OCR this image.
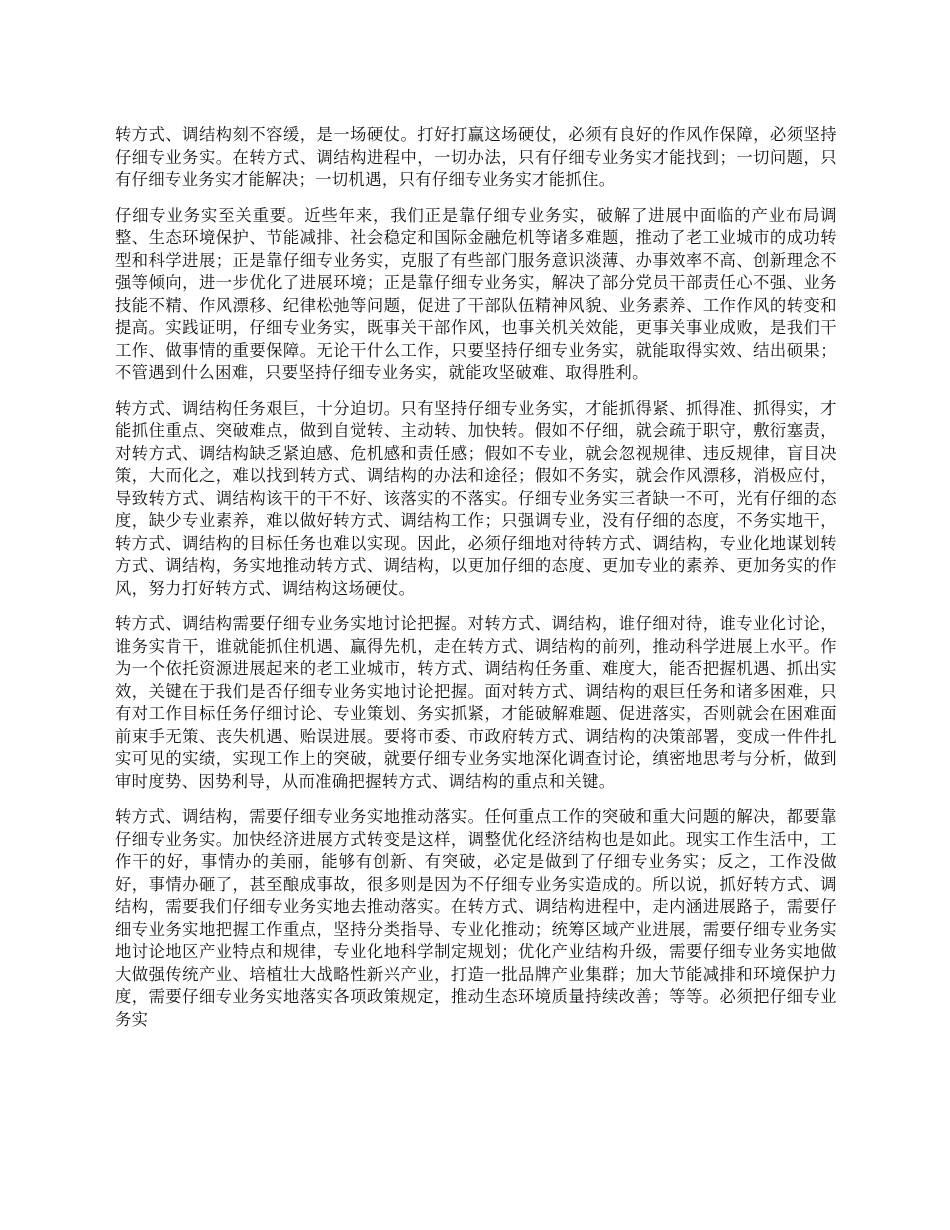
转方式、调结构刻不容缓，是一场硬仗。打好打赢这场硬仗，必须有良好的作风作保障，必须坚持仔细专业务实。在转方式、调结构进程中，一切办法，只有仔细专业务实才能找到；一切问题，只有仔细专业务实才能解决；一切机遇，只有仔细专业务实才能抓住。

仔细专业务实至关重要。近些年来，我们正是靠仔细专业务实，破解了进展中面临的产业布局调整、生态环境保护、节能减排、社会稳定和国际金融危机等诸多难题，推动了老工业城市的成功转型和科学进展；正是靠仔细专业务实，克服了有些部门服务意识淡薄、办事效率不高、创新理念不强等倾向，进一步优化了进展环境；正是靠仔细专业务实，解决了部分党员干部责任心不强、业务技能不精、作风漂移、纪律松弛等问题，促进了干部队伍精神风貌、业务素养、工作作风的转变和提高。实践证明，仔细专业务实，既事关干部作风，也事关机关效能，更事关事业成败，是我们干工作、做事情的重要保障。无论干什么工作，只要坚持仔细专业务实，就能取得实效、结出硕果；不管遇到什么困难，只要坚持仔细专业务实，就能攻坚破难、取得胜利。

转方式、调结构任务艰巨，十分迫切。只有坚持仔细专业务实，才能抓得紧、抓得准、抓得实，才能抓住重点、突破难点，做到自觉转、主动转、加快转。假如不仔细，就会疏于职守，敷衍塞责，对转方式、调结构缺乏紧迫感、危机感和责任感；假如不专业，就会忽视规律、违反规律，盲目决策，大而化之，难以找到转方式、调结构的办法和途径；假如不务实，就会作风漂移，消极应付，导致转方式、调结构该干的干不好、该落实的不落实。仔细专业务实三者缺一不可，光有仔细的态度，缺少专业素养，难以做好转方式、调结构工作；只强调专业，没有仔细的态度，不务实地干，转方式、调结构的目标任务也难以实现。因此，必须仔细地对待转方式、调结构，专业化地谋划转方式、调结构，务实地推动转方式、调结构，以更加仔细的态度、更加专业的素养、更加务实的作风，努力打好转方式、调结构这场硬仗。

转方式、调结构需要仔细专业务实地讨论把握。对转方式、调结构，谁仔细对待，谁专业化讨论，谁务实肯干，谁就能抓住机遇、赢得先机，走在转方式、调结构的前列，推动科学进展上水平。作为一个依托资源进展起来的老工业城市，转方式、调结构任务重、难度大，能否把握机遇、抓出实效，关键在于我们是否仔细专业务实地讨论把握。面对转方式、调结构的艰巨任务和诸多困难，只有对工作目标任务仔细讨论、专业策划、务实抓紧，才能破解难题、促进落实，否则就会在困难面前束手无策、丧失机遇、贻误进展。要将市委、市政府转方式、调结构的决策部署，变成一件件扎实可见的实绩，实现工作上的突破，就要仔细专业务实地深化调查讨论，缜密地思考与分析，做到审时度势、因势利导，从而准确把握转方式、调结构的重点和关键。

转方式、调结构，需要仔细专业务实地推动落实。任何重点工作的突破和重大问题的解决，都要靠仔细专业务实。加快经济进展方式转变是这样，调整优化经济结构也是如此。现实工作生活中，工作干的好，事情办的美丽，能够有创新、有突破，必定是做到了仔细专业务实；反之，工作没做好，事情办砸了，甚至酿成事故，很多则是因为不仔细专业务实造成的。所以说，抓好转方式、调结构，需要我们仔细专业务实地去推动落实。在转方式、调结构进程中，走内涵进展路子，需要仔细专业务实地把握工作重点，坚持分类指导、专业化推动；统筹区域产业进展，需要仔细专业务实地讨论地区产业特点和规律，专业化地科学制定规划；优化产业结构升级，需要仔细专业务实地做大做强传统产业、培植壮大战略性新兴产业，打造一批品牌产业集群；加大节能减排和环境保护力度，需要仔细专业务实地落实各项政策规定，推动生态环境质量持续改善；等等。必须把仔细专业务实
